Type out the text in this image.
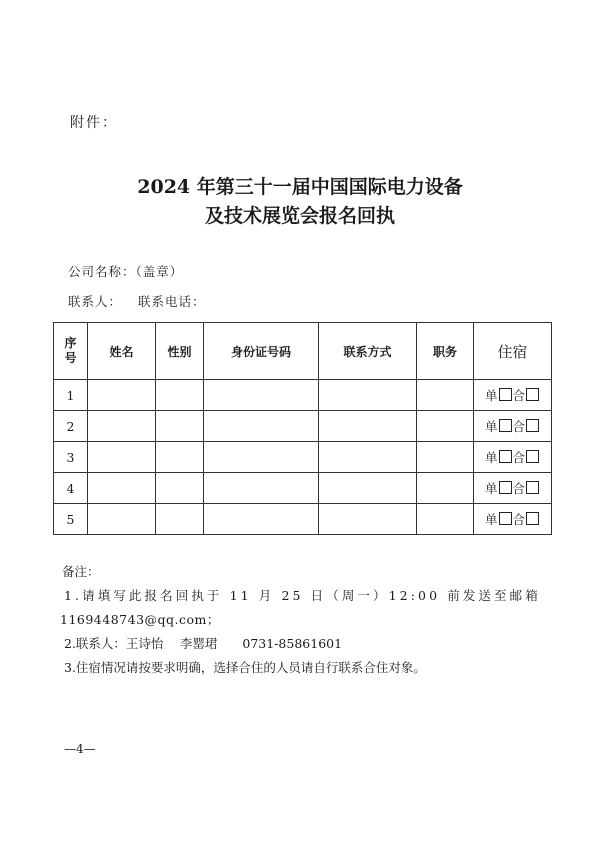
附件：
2024 年第三十一届中国国际电力设备
及技术展览会报名回执
公司名称：（盖章）
联系人： 联系电话：
序
号	姓名	性别	身份证号码	联系方式	职务	住宿
1						单 合
2						单 合
3						单 合
4						单 合
5						单 合
备注：
1.请填写此报名回执于 11 月 25 日（周一）12:00 前发送至邮箱
1169448743@qq.com；
2.联系人：王诗怡　 李罂珺　　0731-85861601
3.住宿情况请按要求明确，选择合住的人员请自行联系合住对象。
—4—
